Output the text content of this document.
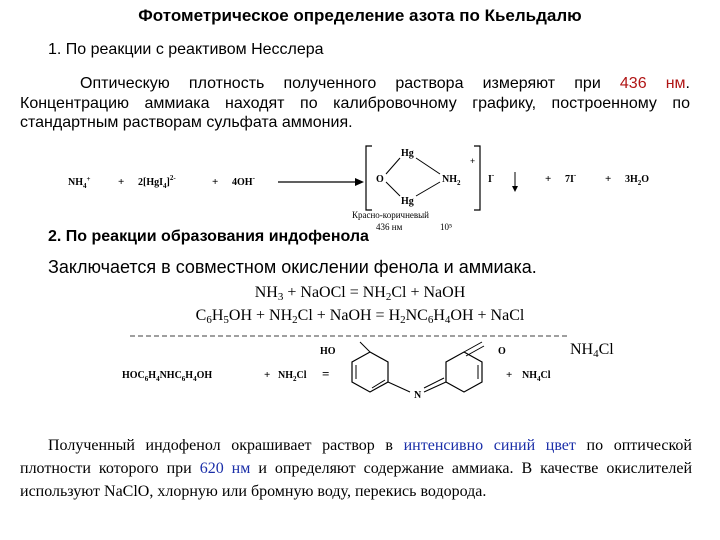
Фотометрическое определение азота по Кьельдалю
1. По реакции с реактивом Несслера
Оптическую плотность полученного раствора измеряют при 436 нм. Концентрацию аммиака находят по калибровочному графику, построенному по стандартным растворам сульфата аммония.
$NH_4^+$	+ $2[HgI_4]^{2-}$	+ 4OH-
Hg
Hg
O	$NH_2$
+
I-	+ 7I-	+ $3H_2O$
Красно-коричневый
436 нм	10⁵
2. По реакции образования индофенола
Заключается в совместном окислении фенола и аммиака.
$NH_3$ + NaOCl = $NH_2Cl$ + NaOH
$C_6H_5OH + NH_2Cl$ + NaOH = $H_2NC_6H_4OH$ + NaCl
$HOC_6H_4NHC_6H_4OH$	+ $NH_2Cl$ =
HO
N
O
+ $NH_4Cl$
NH4Cl
Полученный индофенол окрашивает раствор в интенсивно синий цвет по оптической плотности которого при 620 нм и определяют содержание аммиака. В качестве окислителей используют NaClO, хлорную или бромную воду, перекись водорода.
